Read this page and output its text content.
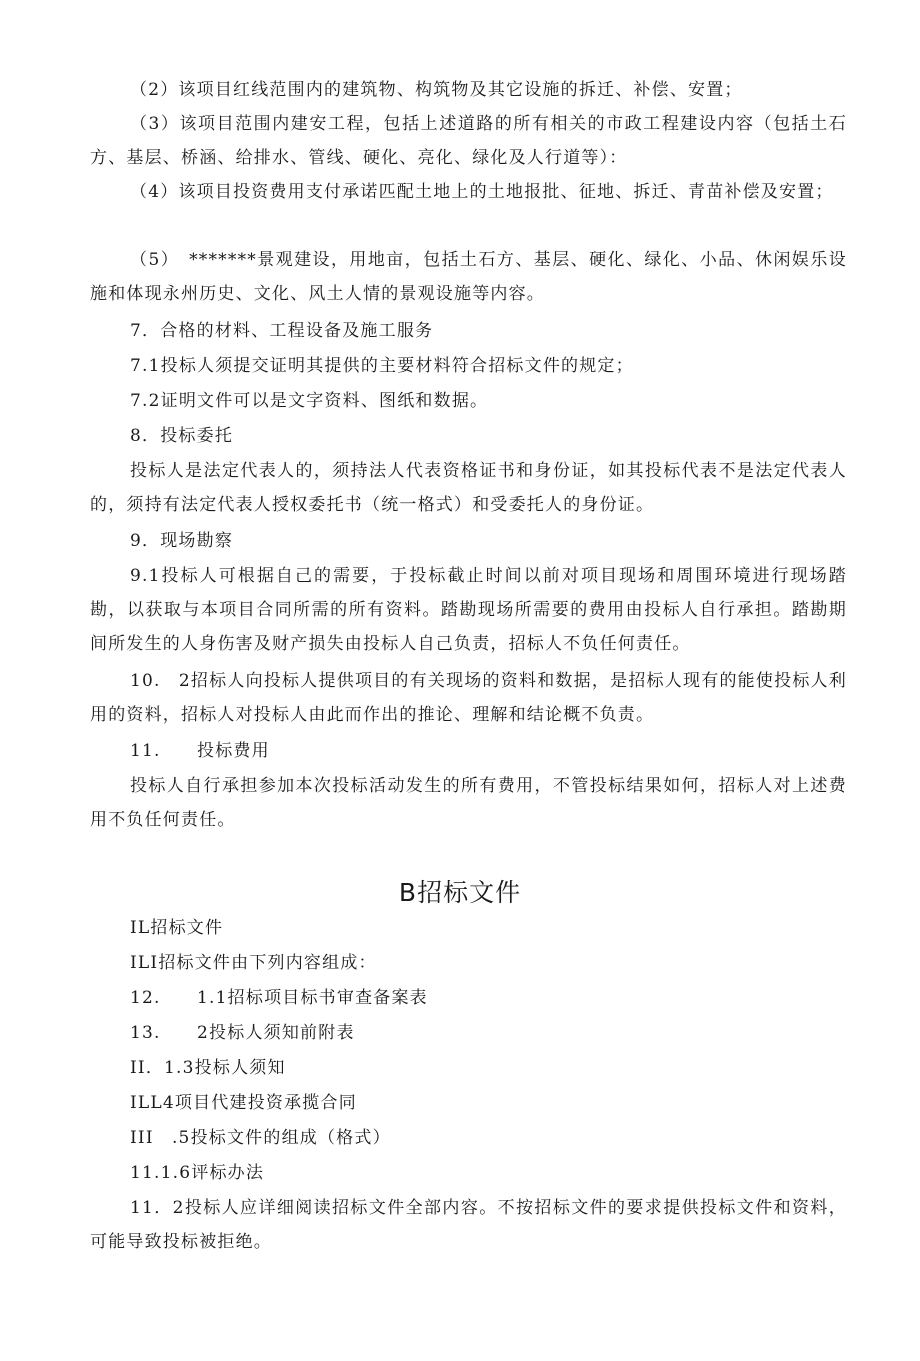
（2）该项目红线范围内的建筑物、构筑物及其它设施的拆迁、补偿、安置；

（3）该项目范围内建安工程，包括上述道路的所有相关的市政工程建设内容（包括土石方、基层、桥涵、给排水、管线、硬化、亮化、绿化及人行道等）：

（4）该项目投资费用支付承诺匹配土地上的土地报批、征地、拆迁、青苗补偿及安置；

（5）　*******景观建设，用地亩，包括土石方、基层、硬化、绿化、小品、休闲娱乐设施和体现永州历史、文化、风土人情的景观设施等内容。

7．合格的材料、工程设备及施工服务

7.1投标人须提交证明其提供的主要材料符合招标文件的规定；

7.2证明文件可以是文字资料、图纸和数据。

8．投标委托

投标人是法定代表人的，须持法人代表资格证书和身份证，如其投标代表不是法定代表人的，须持有法定代表人授权委托书（统一格式）和受委托人的身份证。

9．现场勘察

9.1投标人可根据自己的需要，于投标截止时间以前对项目现场和周围环境进行现场踏勘，以获取与本项目合同所需的所有资料。踏勘现场所需要的费用由投标人自行承担。踏勘期间所发生的人身伤害及财产损失由投标人自己负责，招标人不负任何责任。

10.　2招标人向投标人提供项目的有关现场的资料和数据，是招标人现有的能使投标人利用的资料，招标人对投标人由此而作出的推论、理解和结论概不负责。

11.　　投标费用

投标人自行承担参加本次投标活动发生的所有费用，不管投标结果如何，招标人对上述费用不负任何责任。

B招标文件

IL招标文件

ILI招标文件由下列内容组成：

12.　　1.1招标项目标书审查备案表

13.　　2投标人须知前附表

II．1.3投标人须知

ILL4项目代建投资承揽合同

III　.5投标文件的组成（格式）

11.1.6评标办法

11．2投标人应详细阅读招标文件全部内容。不按招标文件的要求提供投标文件和资料，可能导致投标被拒绝。
